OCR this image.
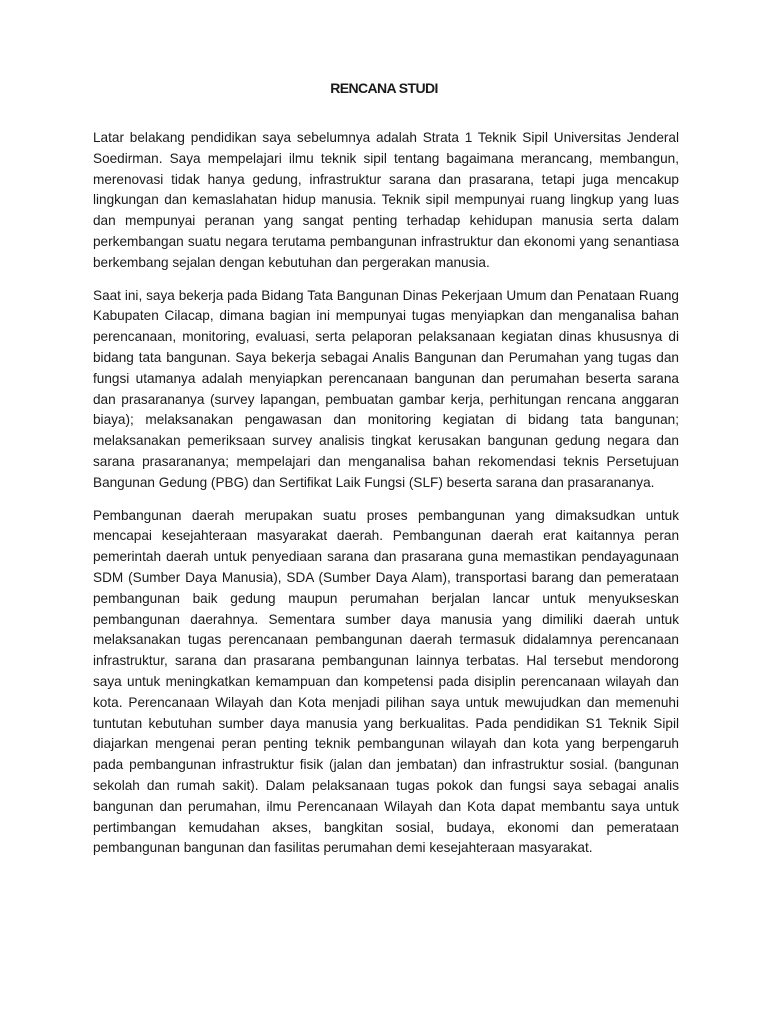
RENCANA STUDI

Latar belakang pendidikan saya sebelumnya adalah Strata 1 Teknik Sipil Universitas Jenderal Soedirman. Saya mempelajari ilmu teknik sipil tentang bagaimana merancang, membangun, merenovasi tidak hanya gedung, infrastruktur sarana dan prasarana, tetapi juga mencakup lingkungan dan kemaslahatan hidup manusia. Teknik sipil mempunyai ruang lingkup yang luas dan mempunyai peranan yang sangat penting terhadap kehidupan manusia serta dalam perkembangan suatu negara terutama pembangunan infrastruktur dan ekonomi yang senantiasa berkembang sejalan dengan kebutuhan dan pergerakan manusia.

Saat ini, saya bekerja pada Bidang Tata Bangunan Dinas Pekerjaan Umum dan Penataan Ruang Kabupaten Cilacap, dimana bagian ini mempunyai tugas menyiapkan dan menganalisa bahan perencanaan, monitoring, evaluasi, serta pelaporan pelaksanaan kegiatan dinas khususnya di bidang tata bangunan. Saya bekerja sebagai Analis Bangunan dan Perumahan yang tugas dan fungsi utamanya adalah menyiapkan perencanaan bangunan dan perumahan beserta sarana dan prasarananya (survey lapangan, pembuatan gambar kerja, perhitungan rencana anggaran biaya); melaksanakan pengawasan dan monitoring kegiatan di bidang tata bangunan; melaksanakan pemeriksaan survey analisis tingkat kerusakan bangunan gedung negara dan sarana prasarananya; mempelajari dan menganalisa bahan rekomendasi teknis Persetujuan Bangunan Gedung (PBG) dan Sertifikat Laik Fungsi (SLF) beserta sarana dan prasarananya.

Pembangunan daerah merupakan suatu proses pembangunan yang dimaksudkan untuk mencapai kesejahteraan masyarakat daerah. Pembangunan daerah erat kaitannya peran pemerintah daerah untuk penyediaan sarana dan prasarana guna memastikan pendayagunaan SDM (Sumber Daya Manusia), SDA (Sumber Daya Alam), transportasi barang dan pemerataan pembangunan baik gedung maupun perumahan berjalan lancar untuk menyukseskan pembangunan daerahnya. Sementara sumber daya manusia yang dimiliki daerah untuk melaksanakan tugas perencanaan pembangunan daerah termasuk didalamnya perencanaan infrastruktur, sarana dan prasarana pembangunan lainnya terbatas. Hal tersebut mendorong saya untuk meningkatkan kemampuan dan kompetensi pada disiplin perencanaan wilayah dan kota. Perencanaan Wilayah dan Kota menjadi pilihan saya untuk mewujudkan dan memenuhi tuntutan kebutuhan sumber daya manusia yang berkualitas. Pada pendidikan S1 Teknik Sipil diajarkan mengenai peran penting teknik pembangunan wilayah dan kota yang berpengaruh pada pembangunan infrastruktur fisik (jalan dan jembatan) dan infrastruktur sosial. (bangunan sekolah dan rumah sakit). Dalam pelaksanaan tugas pokok dan fungsi saya sebagai analis bangunan dan perumahan, ilmu Perencanaan Wilayah dan Kota dapat membantu saya untuk pertimbangan kemudahan akses, bangkitan sosial, budaya, ekonomi dan pemerataan pembangunan bangunan dan fasilitas perumahan demi kesejahteraan masyarakat.
